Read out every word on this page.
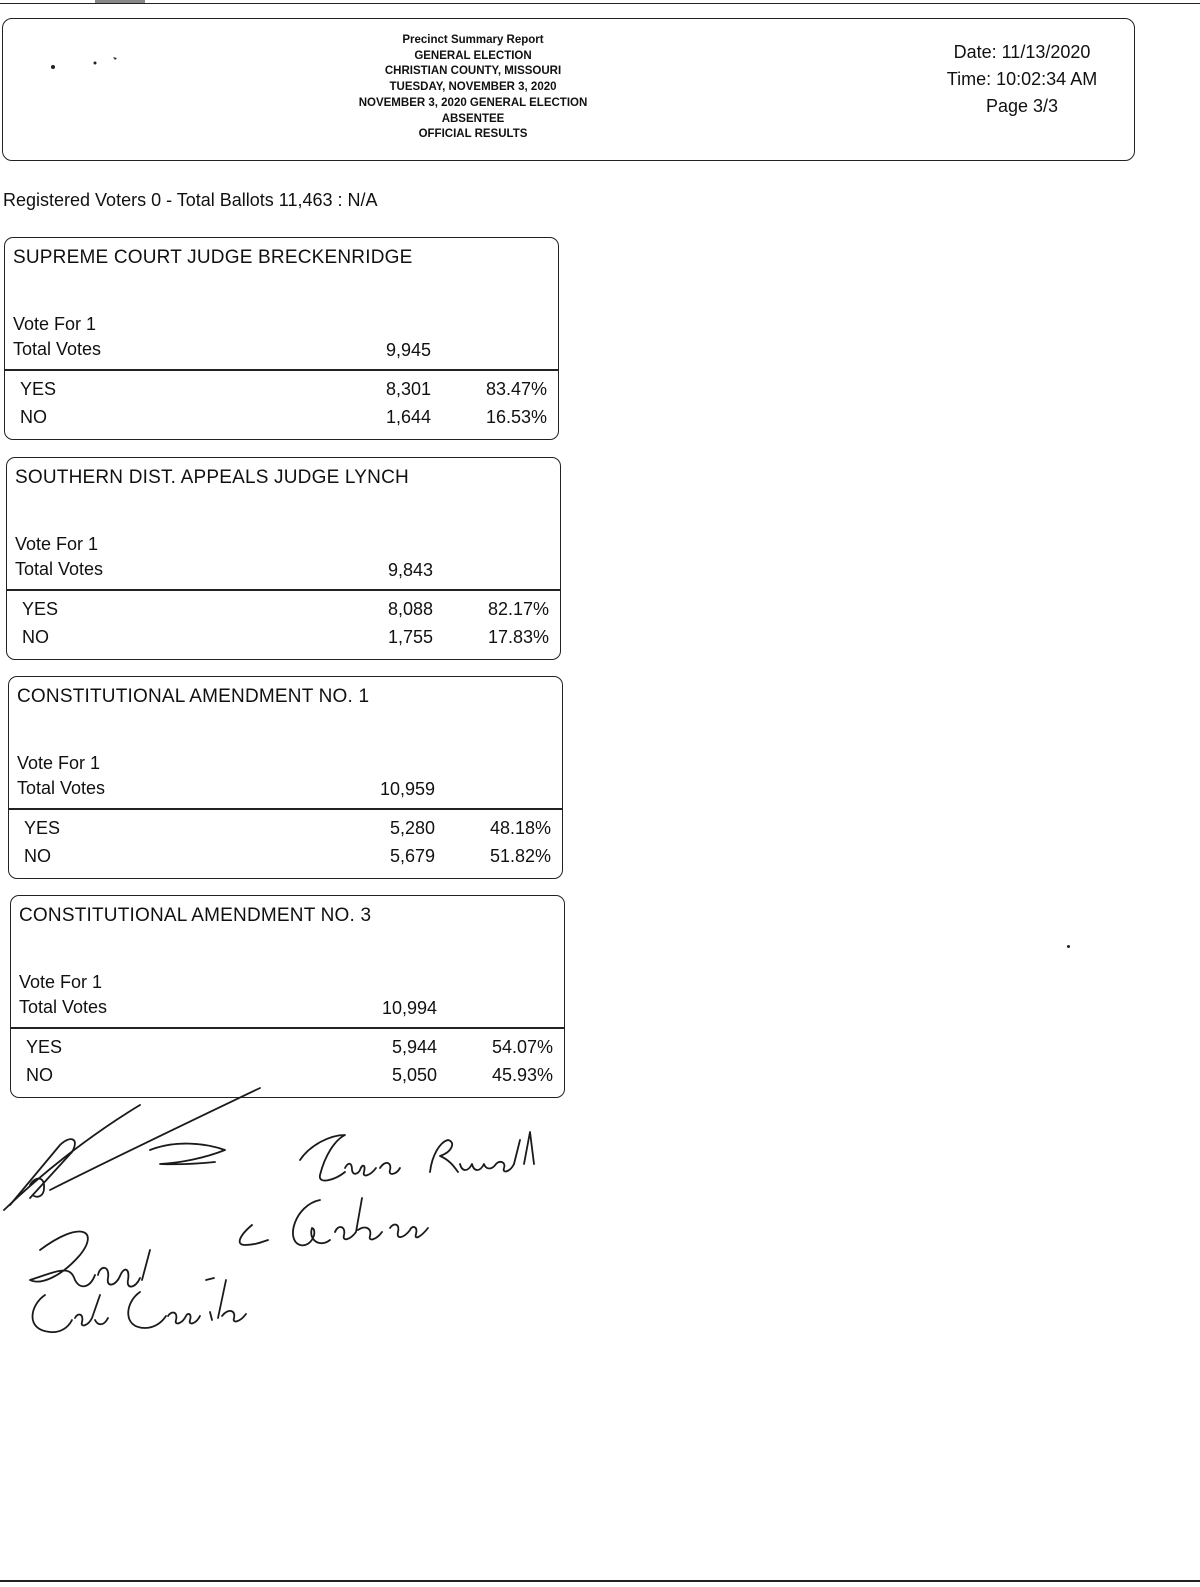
Precinct Summary Report
GENERAL ELECTION
CHRISTIAN COUNTY, MISSOURI
TUESDAY, NOVEMBER 3, 2020
NOVEMBER 3, 2020 GENERAL ELECTION
ABSENTEE
OFFICIAL RESULTS
Date: 11/13/2020
Time: 10:02:34 AM
Page 3/3
Registered Voters 0 - Total Ballots 11,463 : N/A
SUPREME COURT JUDGE BRECKENRIDGE
Vote For 1
Total Votes	9,945
YES	8,301	83.47%
NO	1,644	16.53%
SOUTHERN DIST. APPEALS JUDGE LYNCH
Vote For 1
Total Votes	9,843
YES	8,088	82.17%
NO	1,755	17.83%
CONSTITUTIONAL AMENDMENT NO. 1
Vote For 1
Total Votes	10,959
YES	5,280	48.18%
NO	5,679	51.82%
CONSTITUTIONAL AMENDMENT NO. 3
Vote For 1
Total Votes	10,994
YES	5,944	54.07%
NO	5,050	45.93%
